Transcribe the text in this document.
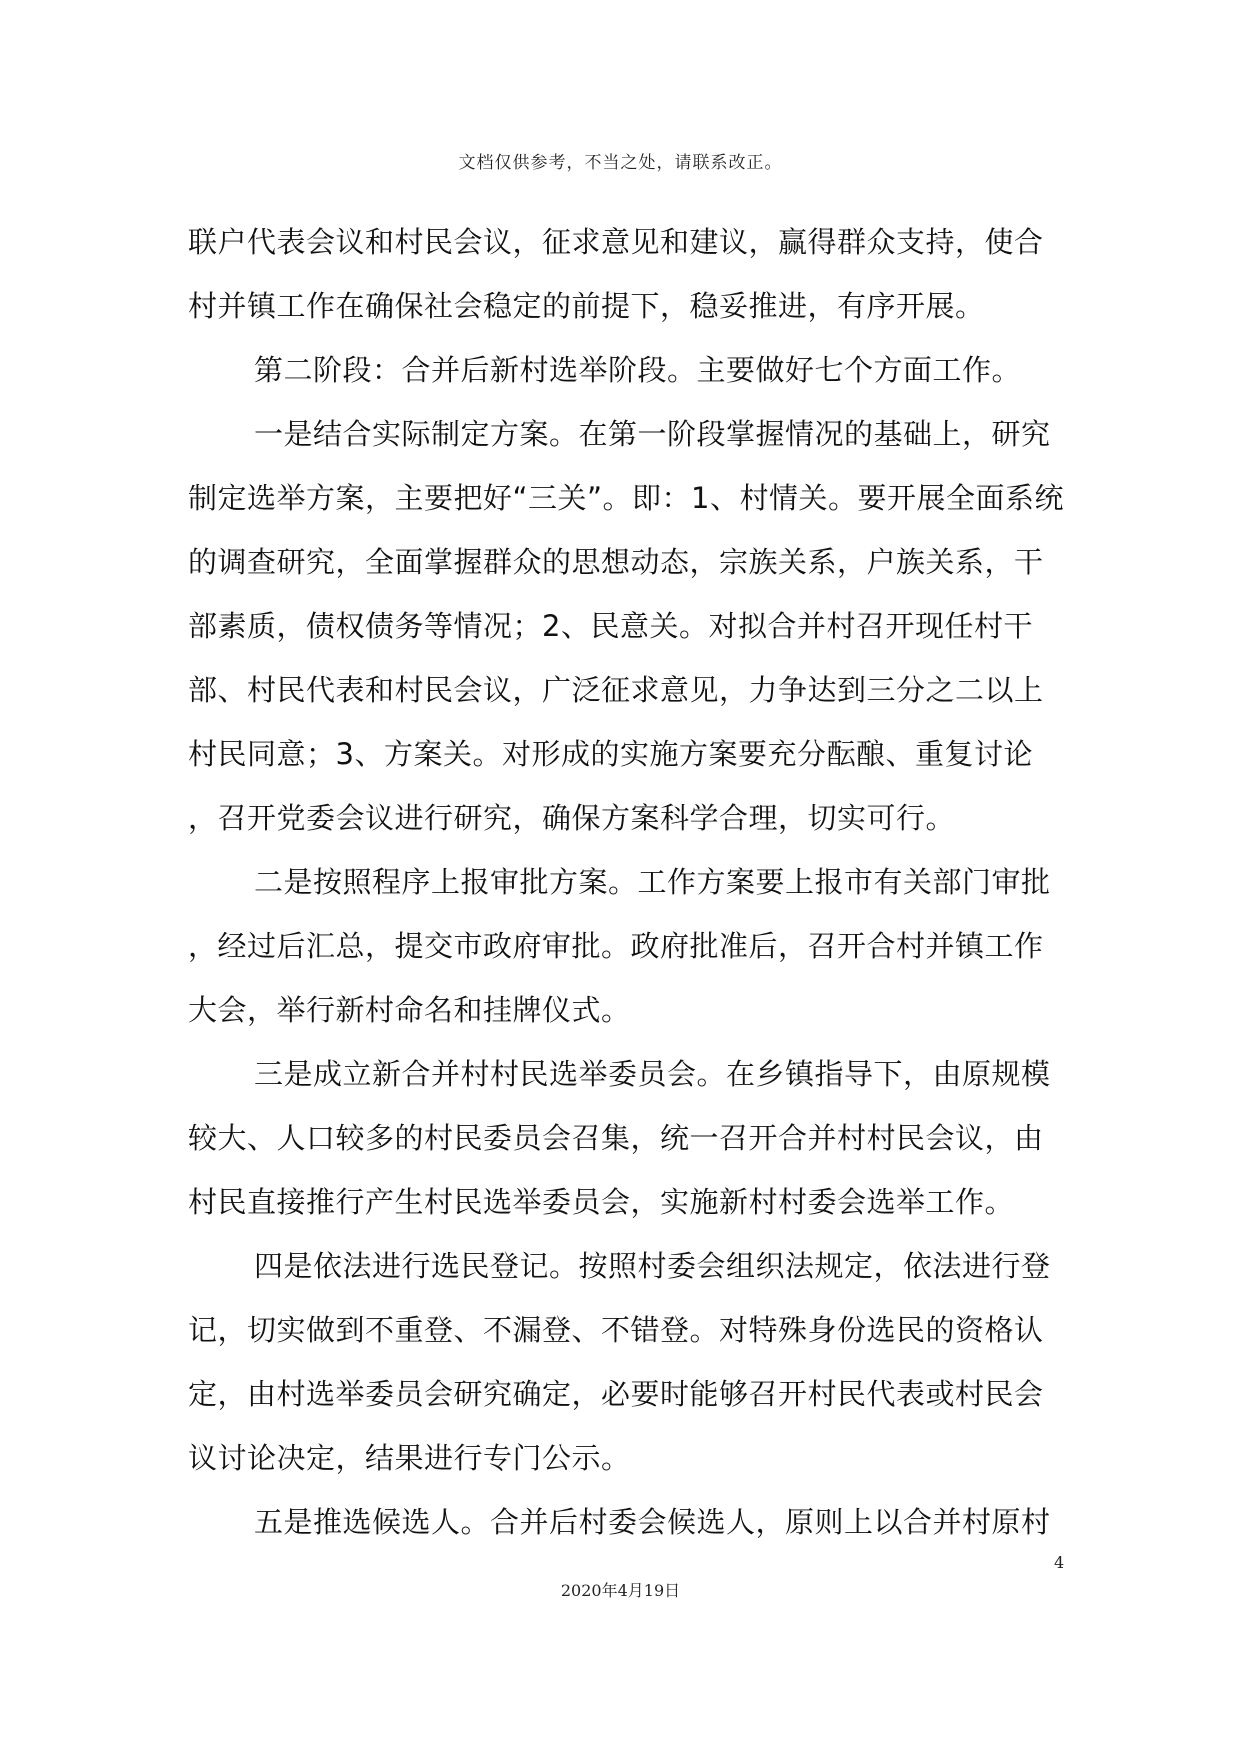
文档仅供参考，不当之处，请联系改正。
联户代表会议和村民会议，征求意见和建议，赢得群众支持，使合
村并镇工作在确保社会稳定的前提下，稳妥推进，有序开展。
第二阶段：合并后新村选举阶段。主要做好七个方面工作。
一是结合实际制定方案。在第一阶段掌握情况的基础上，研究
制定选举方案，主要把好“三关”。即：1、村情关。要开展全面系统
的调查研究，全面掌握群众的思想动态，宗族关系，户族关系，干
部素质，债权债务等情况；2、民意关。对拟合并村召开现任村干
部、村民代表和村民会议，广泛征求意见，力争达到三分之二以上
村民同意；3、方案关。对形成的实施方案要充分酝酿、重复讨论
，召开党委会议进行研究，确保方案科学合理，切实可行。
二是按照程序上报审批方案。工作方案要上报市有关部门审批
，经过后汇总，提交市政府审批。政府批准后，召开合村并镇工作
大会，举行新村命名和挂牌仪式。
三是成立新合并村村民选举委员会。在乡镇指导下，由原规模
较大、人口较多的村民委员会召集，统一召开合并村村民会议，由
村民直接推行产生村民选举委员会，实施新村村委会选举工作。
四是依法进行选民登记。按照村委会组织法规定，依法进行登
记，切实做到不重登、不漏登、不错登。对特殊身份选民的资格认
定，由村选举委员会研究确定，必要时能够召开村民代表或村民会
议讨论决定，结果进行专门公示。
五是推选候选人。合并后村委会候选人，原则上以合并村原村
4
2020年4月19日
